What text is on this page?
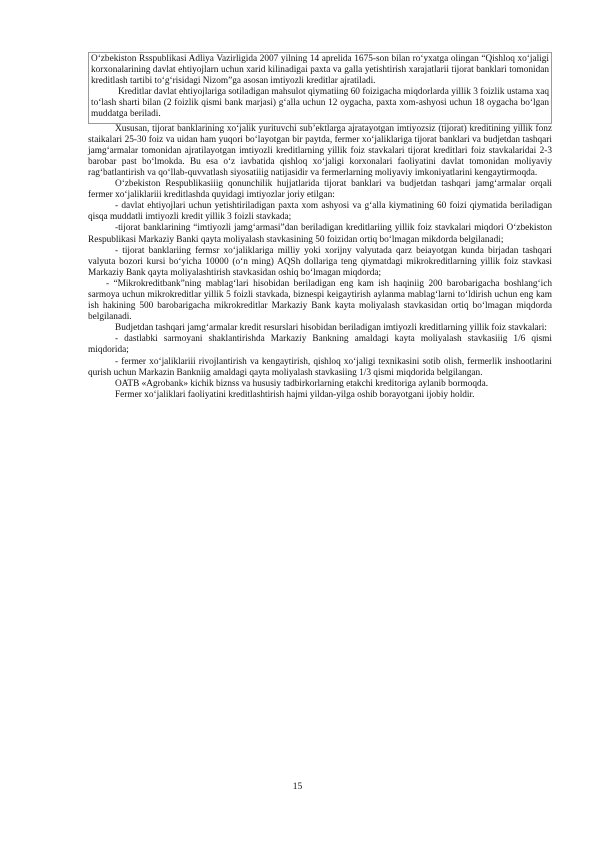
O‘zbekiston Rsspublikasi Adliya Vazirligida 2007 yilning 14 aprelida 1675-son bilan ro‘yxatga olingan “Qishloq xo‘jaligi korxonalarining davlat ehtiyojlarn uchun xarid kilinadigai paxta va galla yetishtirish xarajatlarii tijorat banklari tomonidan kreditlash tartibi to‘g‘risidagi Nizom”ga asosan imtiyozli kreditlar ajratiladi.

Kreditlar davlat ehtiyojlariga sotiladigan mahsulot qiymatiing 60 foizigacha miqdorlarda yillik 3 foizlik ustama xaq to‘lash sharti bilan (2 foizlik qismi bank marjasi) g‘alla uchun 12 oygacha, paxta xom-ashyosi uchun 18 oygacha bo‘lgan muddatga beriladi.

Xususan, tijorat banklarining xo‘jalik yurituvchi sub’ektlarga ajratayotgan imtiyozsiz (tijorat) kreditining yillik fonz staikalari 25-30 foiz va uidan ham yuqori bo‘layotgan bir paytda, fermer xo‘jaliklariga tijorat banklari va budjetdan tashqari jamg‘armalar tomonidan ajratilayotgan imtiyozli kreditlarning yillik foiz stavkalari tijorat kreditlari foiz stavkalaridai 2-3 barobar past bo‘lmokda. Bu esa o‘z iavbatida qishloq xo‘jaligi korxonalari faoliyatini davlat tomonidan moliyaviy rag‘batlantirish va qo‘llab-quvvatlash siyosatiiig natijasidir va fermerlarning moliyaviy imkoniyatlarini kengaytirmoqda.

O‘zbekiston Respublikasiiig qonunchilik hujjatlarida tijorat banklari va budjetdan tashqari jamg‘armalar orqali fermer xo‘jaliklariii kreditlashda quyidagi imtiyozlar joriy etilgan:

- davlat ehtiyojlari uchun yetishtiriladigan paxta xom ashyosi va g‘alla kiymatining 60 foizi qiymatida beriladigan qisqa muddatli imtiyozli kredit yillik 3 foizli stavkada;

-tijorat banklarining “imtiyozli jamg‘armasi”dan beriladigan kreditlariing yillik foiz stavkalari miqdori O‘zbekiston Respublikasi Markaziy Banki qayta moliyalash stavkasining 50 foizidan ortiq bo‘lmagan mikdorda belgilanadi;

- tijorat banklariing fermsr xo‘jaliklariga milliy yoki xorijny valyutada qarz beiayotgan kunda birjadan tashqari valyuta bozori kursi bo‘yicha 10000 (o‘n ming) AQSh dollariga teng qiymatdagi mikrokreditlarning yillik foiz stavkasi Markaziy Bank qayta moliyalashtirish stavkasidan oshiq bo‘lmagan miqdorda;

- “Mikrokreditbank”ning mablag‘lari hisobidan beriladigan eng kam ish haqiniig 200 barobarigacha boshlang‘ich sarmoya uchun mikrokreditlar yillik 5 foizli stavkada, biznespi keigaytirish aylanma mablag‘larni to‘ldirish uchun eng kam ish hakining 500 barobarigacha mikrokreditlar Markaziy Bank kayta moliyalash stavkasidan ortiq bo‘lmagan miqdorda belgilanadi.

Budjetdan tashqari jamg‘armalar kredit resurslari hisobidan beriladigan imtiyozli kreditlarning yillik foiz stavkalari:

- dastlabki sarmoyani shaklantirishda Markaziy Bankning amaldagi kayta moliyalash stavkasiiig 1/6 qismi miqdorida;

- fermer xo‘jaliklariii rivojlantirish va kengaytirish, qishloq xo‘jaligi texnikasini sotib olish, fermerlik inshootlarini qurish uchun Markazin Bankniig amaldagi qayta moliyalash stavkasiing 1/3 qismi miqdorida belgilangan.

OATB «Agrobank» kichik biznss va hususiy tadbirkorlarning etakchi kreditoriga aylanib bormoqda.

Fermer xo‘jaliklari faoliyatini kreditlashtirish hajmi yildan-yilga oshib borayotgani ijobiy holdir.

15
